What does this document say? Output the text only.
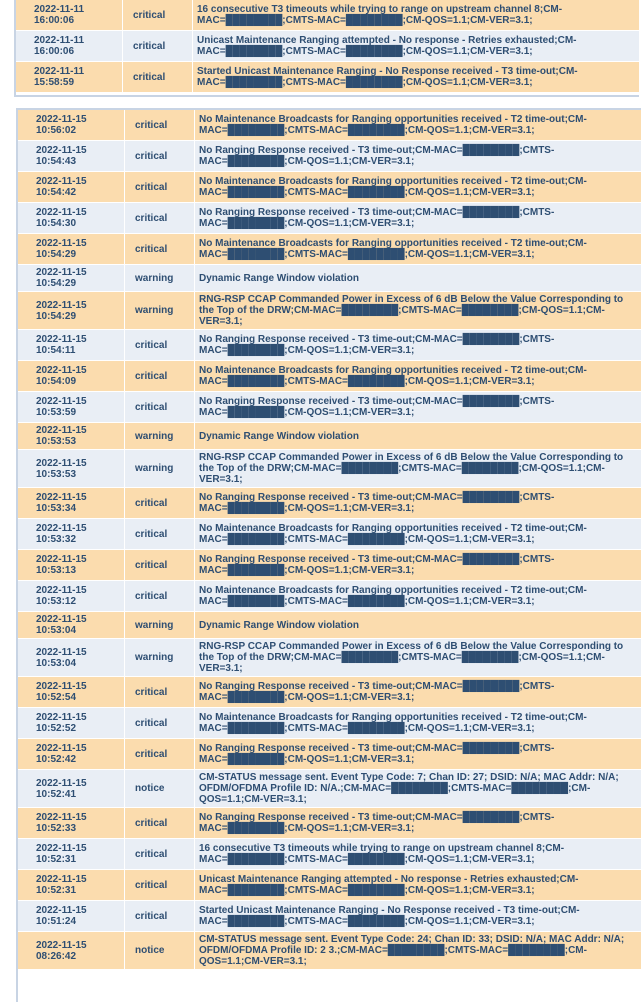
2022-11-11
16:00:06	critical	16 consecutive T3 timeouts while trying to range on upstream channel 8;CM-MAC=████████;CMTS-MAC=████████;CM-QOS=1.1;CM-VER=3.1;
2022-11-11
16:00:06	critical	Unicast Maintenance Ranging attempted - No response - Retries exhausted;CM-MAC=████████;CMTS-MAC=████████;CM-QOS=1.1;CM-VER=3.1;
2022-11-11
15:58:59	critical	Started Unicast Maintenance Ranging - No Response received - T3 time-out;CM-MAC=████████;CMTS-MAC=████████;CM-QOS=1.1;CM-VER=3.1;
2022-11-15
10:56:02	critical	No Maintenance Broadcasts for Ranging opportunities received - T2 time-out;CM-MAC=████████;CMTS-MAC=████████;CM-QOS=1.1;CM-VER=3.1;
2022-11-15
10:54:43	critical	No Ranging Response received - T3 time-out;CM-MAC=████████;CMTS-MAC=████████;CM-QOS=1.1;CM-VER=3.1;
2022-11-15
10:54:42	critical	No Maintenance Broadcasts for Ranging opportunities received - T2 time-out;CM-MAC=████████;CMTS-MAC=████████;CM-QOS=1.1;CM-VER=3.1;
2022-11-15
10:54:30	critical	No Ranging Response received - T3 time-out;CM-MAC=████████;CMTS-MAC=████████;CM-QOS=1.1;CM-VER=3.1;
2022-11-15
10:54:29	critical	No Maintenance Broadcasts for Ranging opportunities received - T2 time-out;CM-MAC=████████;CMTS-MAC=████████;CM-QOS=1.1;CM-VER=3.1;
2022-11-15
10:54:29	warning	Dynamic Range Window violation
2022-11-15
10:54:29	warning
RNG-RSP CCAP Commanded Power in Excess of 6 dB Below the Value Corresponding to the Top of the DRW;CM-MAC=████████;CMTS-MAC=████████;CM-QOS=1.1;CM-VER=3.1;
2022-11-15
10:54:11	critical	No Ranging Response received - T3 time-out;CM-MAC=████████;CMTS-MAC=████████;CM-QOS=1.1;CM-VER=3.1;
2022-11-15
10:54:09	critical	No Maintenance Broadcasts for Ranging opportunities received - T2 time-out;CM-MAC=████████;CMTS-MAC=████████;CM-QOS=1.1;CM-VER=3.1;
2022-11-15
10:53:59	critical	No Ranging Response received - T3 time-out;CM-MAC=████████;CMTS-MAC=████████;CM-QOS=1.1;CM-VER=3.1;
2022-11-15
10:53:53	warning	Dynamic Range Window violation
2022-11-15
10:53:53	warning
RNG-RSP CCAP Commanded Power in Excess of 6 dB Below the Value Corresponding to the Top of the DRW;CM-MAC=████████;CMTS-MAC=████████;CM-QOS=1.1;CM-VER=3.1;
2022-11-15
10:53:34	critical	No Ranging Response received - T3 time-out;CM-MAC=████████;CMTS-MAC=████████;CM-QOS=1.1;CM-VER=3.1;
2022-11-15
10:53:32	critical	No Maintenance Broadcasts for Ranging opportunities received - T2 time-out;CM-MAC=████████;CMTS-MAC=████████;CM-QOS=1.1;CM-VER=3.1;
2022-11-15
10:53:13	critical	No Ranging Response received - T3 time-out;CM-MAC=████████;CMTS-MAC=████████;CM-QOS=1.1;CM-VER=3.1;
2022-11-15
10:53:12	critical	No Maintenance Broadcasts for Ranging opportunities received - T2 time-out;CM-MAC=████████;CMTS-MAC=████████;CM-QOS=1.1;CM-VER=3.1;
2022-11-15
10:53:04	warning	Dynamic Range Window violation
2022-11-15
10:53:04	warning
RNG-RSP CCAP Commanded Power in Excess of 6 dB Below the Value Corresponding to the Top of the DRW;CM-MAC=████████;CMTS-MAC=████████;CM-QOS=1.1;CM-VER=3.1;
2022-11-15
10:52:54	critical	No Ranging Response received - T3 time-out;CM-MAC=████████;CMTS-MAC=████████;CM-QOS=1.1;CM-VER=3.1;
2022-11-15
10:52:52	critical	No Maintenance Broadcasts for Ranging opportunities received - T2 time-out;CM-MAC=████████;CMTS-MAC=████████;CM-QOS=1.1;CM-VER=3.1;
2022-11-15
10:52:42	critical	No Ranging Response received - T3 time-out;CM-MAC=████████;CMTS-MAC=████████;CM-QOS=1.1;CM-VER=3.1;
2022-11-15
10:52:41	notice
CM-STATUS message sent. Event Type Code: 7; Chan ID: 27; DSID: N/A; MAC Addr: N/A; OFDM/OFDMA Profile ID: N/A.;CM-MAC=████████;CMTS-MAC=████████;CM-QOS=1.1;CM-VER=3.1;
2022-11-15
10:52:33	critical	No Ranging Response received - T3 time-out;CM-MAC=████████;CMTS-MAC=████████;CM-QOS=1.1;CM-VER=3.1;
2022-11-15
10:52:31	critical	16 consecutive T3 timeouts while trying to range on upstream channel 8;CM-MAC=████████;CMTS-MAC=████████;CM-QOS=1.1;CM-VER=3.1;
2022-11-15
10:52:31	critical	Unicast Maintenance Ranging attempted - No response - Retries exhausted;CM-MAC=████████;CMTS-MAC=████████;CM-QOS=1.1;CM-VER=3.1;
2022-11-15
10:51:24	critical	Started Unicast Maintenance Ranging - No Response received - T3 time-out;CM-MAC=████████;CMTS-MAC=████████;CM-QOS=1.1;CM-VER=3.1;
2022-11-15
08:26:42	notice
CM-STATUS message sent. Event Type Code: 24; Chan ID: 33; DSID: N/A; MAC Addr: N/A; OFDM/OFDMA Profile ID: 2 3.;CM-MAC=████████;CMTS-MAC=████████;CM-QOS=1.1;CM-VER=3.1;
